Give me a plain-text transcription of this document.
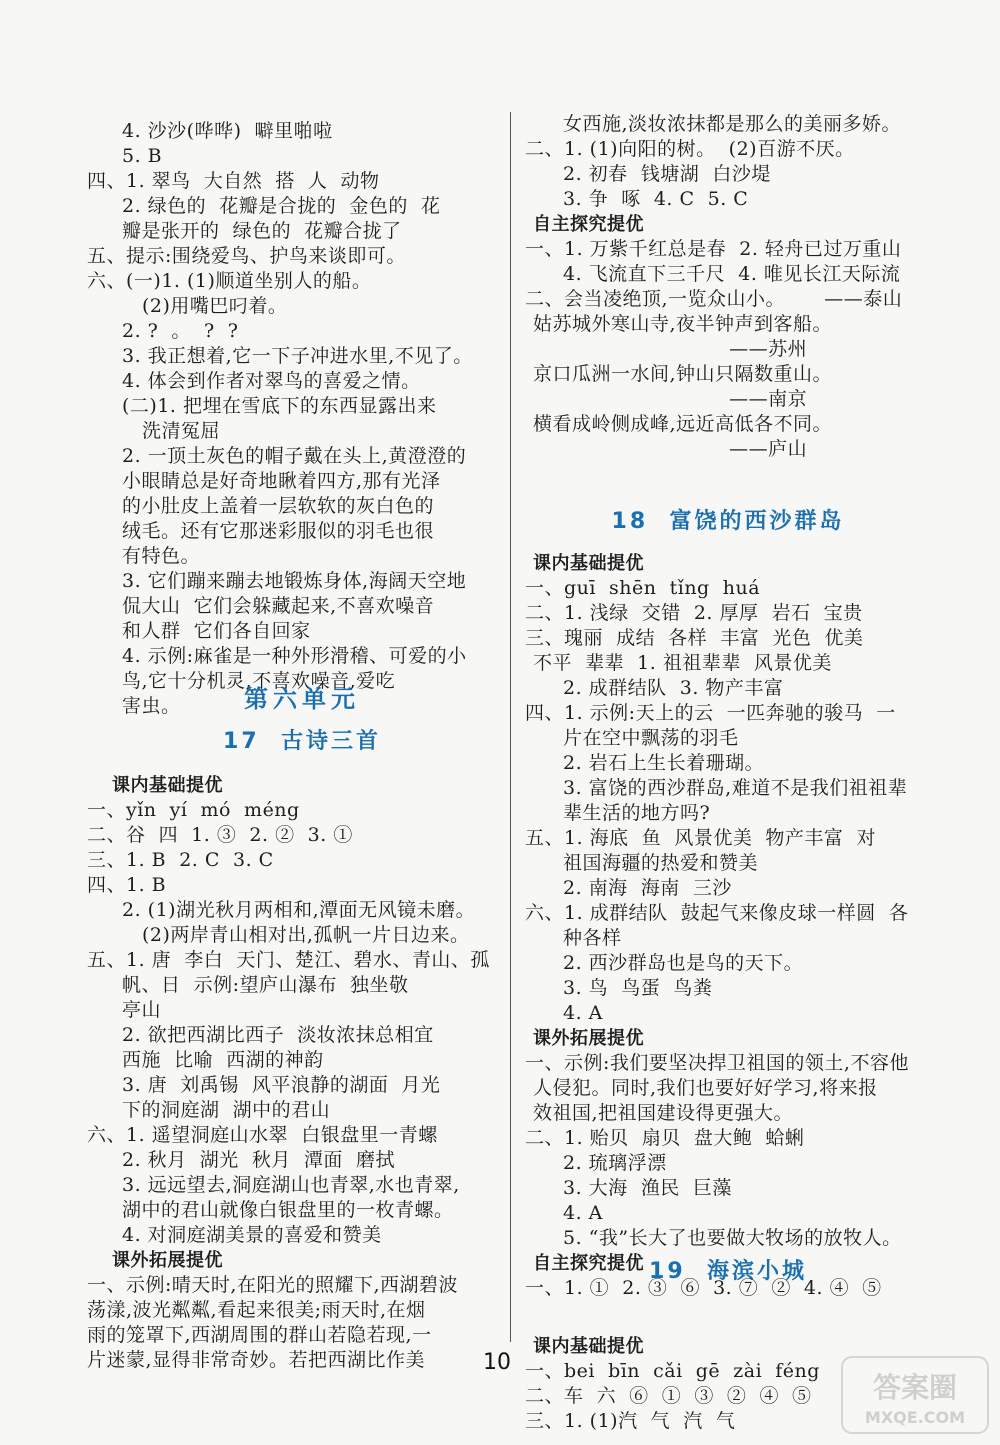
4. 沙沙(哗哗)  噼里啪啦
5. B
四、1. 翠鸟  大自然  搭  人  动物
2. 绿色的  花瓣是合拢的  金色的  花
瓣是张开的  绿色的  花瓣合拢了
五、提示:围绕爱鸟、护鸟来谈即可。
六、(一)1. (1)顺道坐别人的船。
(2)用嘴巴叼着。
2. ?  。  ?  ?
3. 我正想着,它一下子冲进水里,不见了。
4. 体会到作者对翠鸟的喜爱之情。
(二)1. 把埋在雪底下的东西显露出来
洗清冤屈
2. 一顶土灰色的帽子戴在头上,黄澄澄的
小眼睛总是好奇地瞅着四方,那有光泽
的小肚皮上盖着一层软软的灰白色的
绒毛。还有它那迷彩服似的羽毛也很
有特色。
3. 它们蹦来蹦去地锻炼身体,海阔天空地
侃大山  它们会躲藏起来,不喜欢噪音
和人群  它们各自回家
4. 示例:麻雀是一种外形滑稽、可爱的小
鸟,它十分机灵,不喜欢噪音,爱吃
害虫。	第六单元
17  古诗三首
课内基础提优
一、yǐn  yí  mó  méng
二、谷  四  1. ③  2. ②  3. ①
三、1. B  2. C  3. C
四、1. B
2. (1)湖光秋月两相和,潭面无风镜未磨。
(2)两岸青山相对出,孤帆一片日边来。
五、1. 唐  李白  天门、楚江、碧水、青山、孤
帆、日  示例:望庐山瀑布  独坐敬
亭山
2. 欲把西湖比西子  淡妆浓抹总相宜
西施  比喻  西湖的神韵
3. 唐  刘禹锡  风平浪静的湖面  月光
下的洞庭湖  湖中的君山
六、1. 遥望洞庭山水翠  白银盘里一青螺
2. 秋月  湖光  秋月  潭面  磨拭
3. 远远望去,洞庭湖山也青翠,水也青翠,
湖中的君山就像白银盘里的一枚青螺。
4. 对洞庭湖美景的喜爱和赞美
课外拓展提优
一、示例:晴天时,在阳光的照耀下,西湖碧波
荡漾,波光粼粼,看起来很美;雨天时,在烟
雨的笼罩下,西湖周围的群山若隐若现,一
片迷蒙,显得非常奇妙。若把西湖比作美
女西施,淡妆浓抹都是那么的美丽多娇。
二、1. (1)向阳的树。  (2)百游不厌。
2. 初春  钱塘湖  白沙堤
3. 争  啄  4. C  5. C
自主探究提优
一、1. 万紫千红总是春  2. 轻舟已过万重山
4. 飞流直下三千尺  4. 唯见长江天际流
二、会当凌绝顶,一览众山小。      ——泰山
姑苏城外寒山寺,夜半钟声到客船。
——苏州
京口瓜洲一水间,钟山只隔数重山。
——南京
横看成岭侧成峰,远近高低各不同。
——庐山
18  富饶的西沙群岛
19  海滨小城
课内基础提优
一、guī  shēn  tǐng  huá
二、1. 浅绿  交错  2. 厚厚  岩石  宝贵
三、瑰丽  成结  各样  丰富  光色  优美
不平  辈辈  1. 祖祖辈辈  风景优美
2. 成群结队  3. 物产丰富
四、1. 示例:天上的云  一匹奔驰的骏马  一
片在空中飘荡的羽毛
2. 岩石上生长着珊瑚。
3. 富饶的西沙群岛,难道不是我们祖祖辈
辈生活的地方吗?
五、1. 海底  鱼  风景优美  物产丰富  对
祖国海疆的热爱和赞美
2. 南海  海南  三沙
六、1. 成群结队  鼓起气来像皮球一样圆  各
种各样
2. 西沙群岛也是鸟的天下。
3. 鸟  鸟蛋  鸟粪
4. A
课外拓展提优
一、示例:我们要坚决捍卫祖国的领土,不容他
人侵犯。同时,我们也要好好学习,将来报
效祖国,把祖国建设得更强大。
二、1. 贻贝  扇贝  盘大鲍  蛤蜊
2. 琉璃浮漂
3. 大海  渔民  巨藻
4. A
5. “我”长大了也要做大牧场的放牧人。
自主探究提优
一、1. ①  2. ③  ⑥  3. ⑦  ②  4. ④  ⑤
课内基础提优
一、bei  bīn  cǎi  gē  zài  féng
二、车  六  ⑥  ①  ③  ②  ④  ⑤
三、1. (1)汽  气  汽  气
10
答案圈
MXQE.COM
